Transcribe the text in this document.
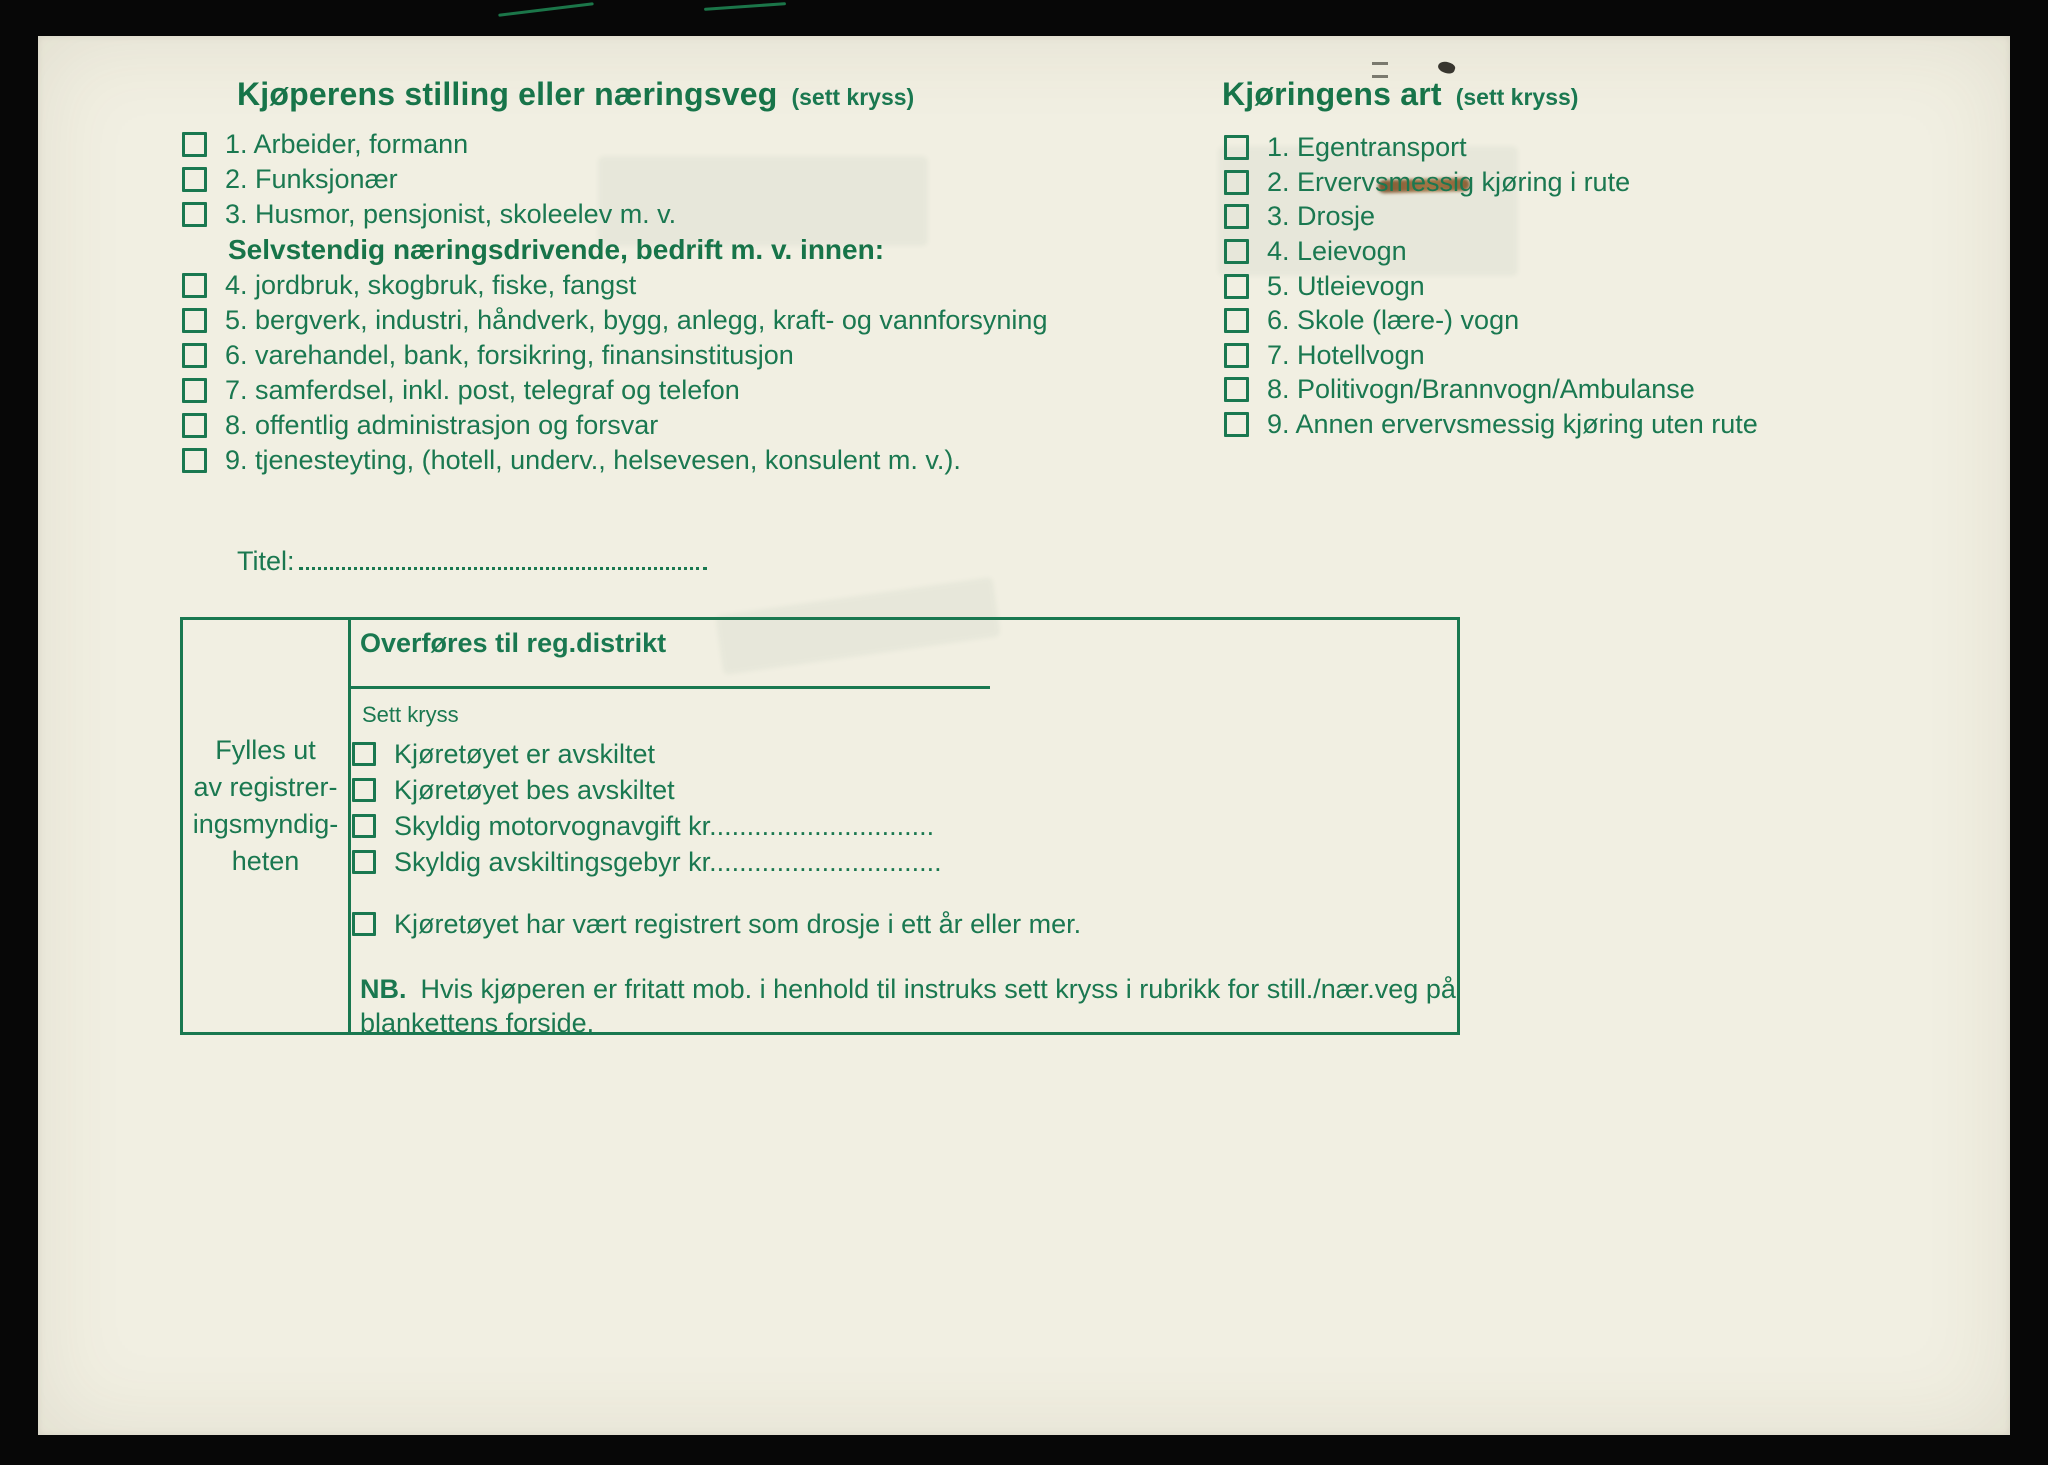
Kjøperens stilling eller næringsveg (sett kryss)
1. Arbeider, formann
2. Funksjonær
3. Husmor, pensjonist, skoleelev m. v.
Selvstendig næringsdrivende, bedrift m. v. innen:
4. jordbruk, skogbruk, fiske, fangst
5. bergverk, industri, håndverk, bygg, anlegg, kraft- og vannforsyning
6. varehandel, bank, forsikring, finansinstitusjon
7. samferdsel, inkl. post, telegraf og telefon
8. offentlig administrasjon og forsvar
9. tjenesteyting, (hotell, underv., helsevesen, konsulent m. v.).
Kjøringens art (sett kryss)
1. Egentransport
2. Ervervsmessig kjøring i rute
3. Drosje
4. Leievogn
5. Utleievogn
6. Skole (lære-) vogn
7. Hotellvogn
8. Politivogn/Brannvogn/Ambulanse
9. Annen ervervsmessig kjøring uten rute
Titel:
Fylles ut
av registrer-
ingsmyndig-
heten
Overføres til reg.distrikt
Sett kryss
Kjøretøyet er avskiltet
Kjøretøyet bes avskiltet
Skyldig motorvognavgift kr..............................
Skyldig avskiltingsgebyr kr...............................
Kjøretøyet har vært registrert som drosje i ett år eller mer.
NB. Hvis kjøperen er fritatt mob. i henhold til instruks sett kryss i rubrikk for still./nær.veg på blankettens forside.
